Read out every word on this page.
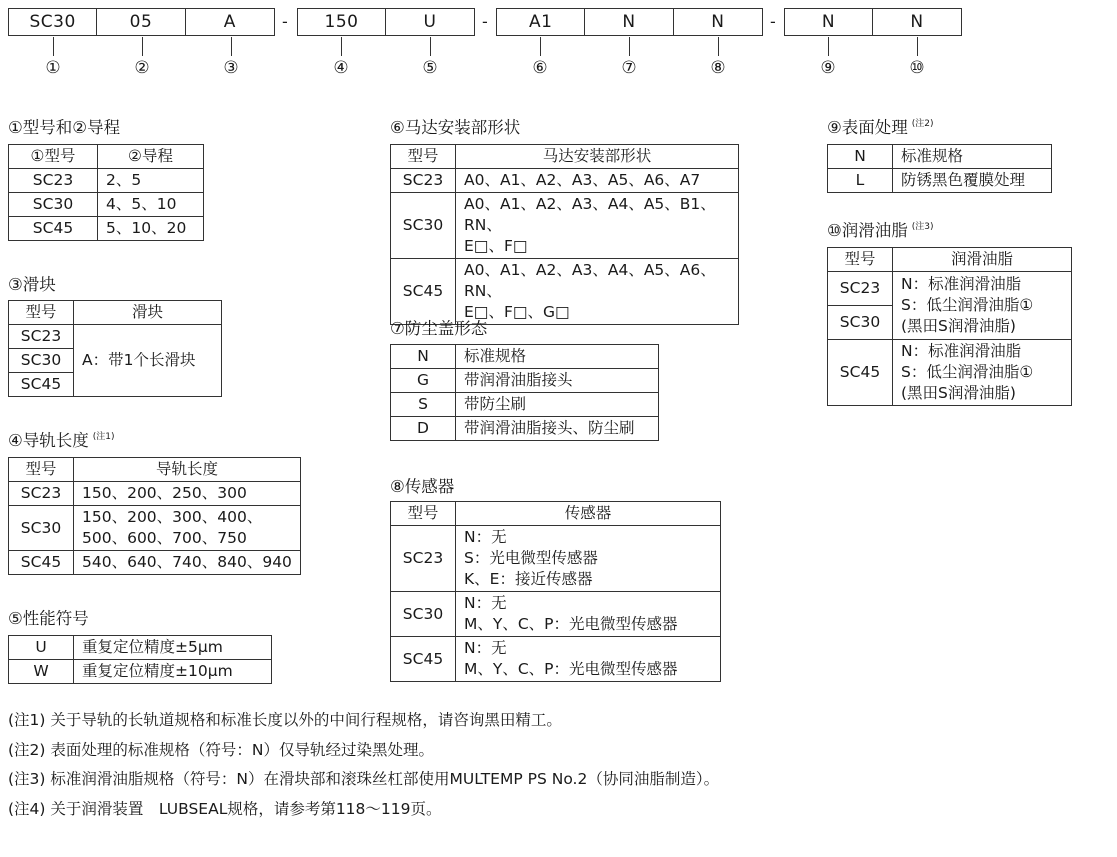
SC30	05	A	-	150	U	-	A1	N	N	-	N	N
①	②	③	④	⑤	⑥	⑦	⑧	⑨	⑩
①型号和②导程
①型号	②导程
SC23	2、5
SC30	4、5、10
SC45	5、10、20
③滑块
型号	滑块
SC23	A：带1个长滑块
SC30	
SC45	
④导轨长度 $^{(注1)}$
型号	导轨长度
SC23	150、200、250、300
SC30	150、200、300、400、
500、600、700、750
SC45	540、640、740、840、940
⑤性能符号
U	重复定位精度±5μm
W	重复定位精度±10μm
⑥马达安装部形状
型号	马达安装部形状
SC23	A0、A1、A2、A3、A5、A6、A7
SC30	A0、A1、A2、A3、A4、A5、B1、RN、
E□、F□
SC45	A0、A1、A2、A3、A4、A5、A6、RN、
E□、F□、G□
⑦防尘盖形态
N	标准规格
G	带润滑油脂接头
S	带防尘刷
D	带润滑油脂接头、防尘刷
⑧传感器
型号	传感器
SC23	N：无
S：光电微型传感器
K、E：接近传感器
SC30	N：无
M、Y、C、P：光电微型传感器
SC45	N：无
M、Y、C、P：光电微型传感器
⑨表面处理 $^{(注2)}$
N	标准规格
L	防锈黑色覆膜处理
⑩润滑油脂 $^{(注3)}$
型号	润滑油脂
SC23	N：标准润滑油脂
S：低尘润滑油脂①
(黑田S润滑油脂)
SC30	
SC45	N：标准润滑油脂
S：低尘润滑油脂①
(黑田S润滑油脂)
(注1) 关于导轨的长轨道规格和标准长度以外的中间行程规格，请咨询黑田精工。
(注2) 表面处理的标准规格（符号：N）仅导轨经过染黑处理。
(注3) 标准润滑油脂规格（符号：N）在滑块部和滚珠丝杠部使用MULTEMP PS No.2（协同油脂制造）。
(注4) 关于润滑装置　LUBSEAL规格，请参考第118～119页。
